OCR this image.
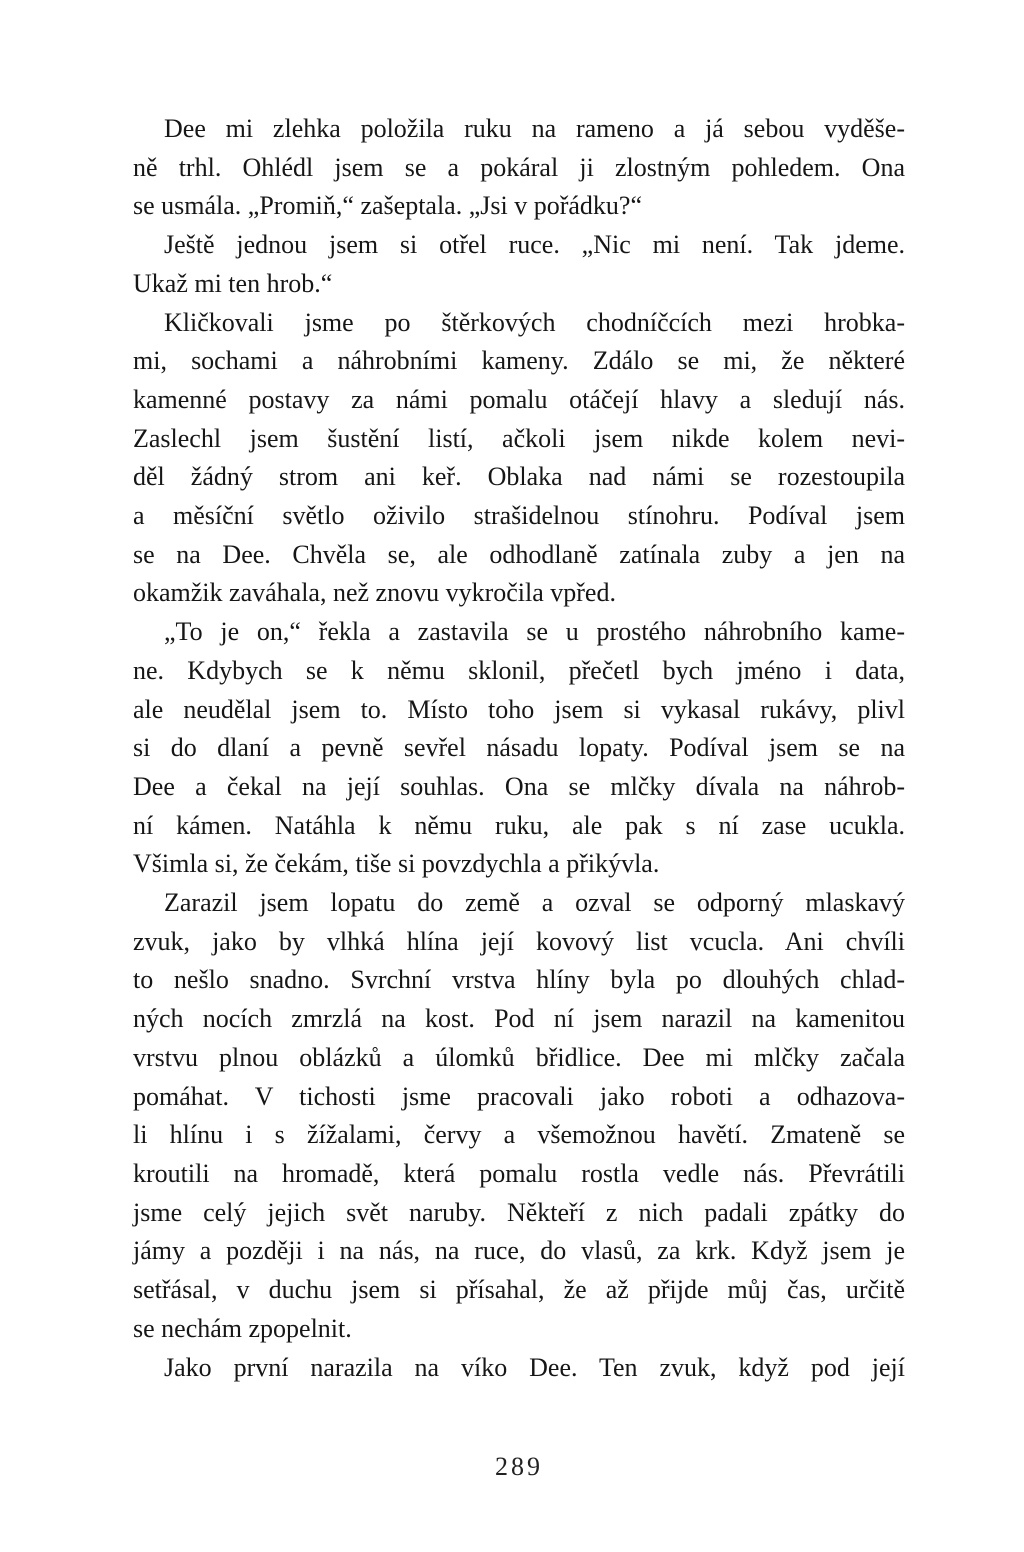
Dee mi zlehka položila ruku na rameno a já sebou vyděše-
ně trhl. Ohlédl jsem se a pokáral ji zlostným pohledem. Ona
se usmála. „Promiň,“ zašeptala. „Jsi v pořádku?“
Ještě jednou jsem si otřel ruce. „Nic mi není. Tak jdeme.
Ukaž mi ten hrob.“
Kličkovali jsme po štěrkových chodníčcích mezi hrobka-
mi, sochami a náhrobními kameny. Zdálo se mi, že některé
kamenné postavy za námi pomalu otáčejí hlavy a sledují nás.
Zaslechl jsem šustění listí, ačkoli jsem nikde kolem nevi-
děl žádný strom ani keř. Oblaka nad námi se rozestoupila
a měsíční světlo oživilo strašidelnou stínohru. Podíval jsem
se na Dee. Chvěla se, ale odhodlaně zatínala zuby a jen na
okamžik zaváhala, než znovu vykročila vpřed.
„To je on,“ řekla a zastavila se u prostého náhrobního kame-
ne. Kdybych se k němu sklonil, přečetl bych jméno i data,
ale neudělal jsem to. Místo toho jsem si vykasal rukávy, plivl
si do dlaní a pevně sevřel násadu lopaty. Podíval jsem se na
Dee a čekal na její souhlas. Ona se mlčky dívala na náhrob-
ní kámen. Natáhla k němu ruku, ale pak s ní zase ucukla.
Všimla si, že čekám, tiše si povzdychla a přikývla.
Zarazil jsem lopatu do země a ozval se odporný mlaskavý
zvuk, jako by vlhká hlína její kovový list vcucla. Ani chvíli
to nešlo snadno. Svrchní vrstva hlíny byla po dlouhých chlad-
ných nocích zmrzlá na kost. Pod ní jsem narazil na kamenitou
vrstvu plnou oblázků a úlomků břidlice. Dee mi mlčky začala
pomáhat. V tichosti jsme pracovali jako roboti a odhazova-
li hlínu i s žížalami, červy a všemožnou havětí. Zmateně se
kroutili na hromadě, která pomalu rostla vedle nás. Převrátili
jsme celý jejich svět naruby. Někteří z nich padali zpátky do
jámy a později i na nás, na ruce, do vlasů, za krk. Když jsem je
setřásal, v duchu jsem si přísahal, že až přijde můj čas, určitě
se nechám zpopelnit.
Jako první narazila na víko Dee. Ten zvuk, když pod její
289
